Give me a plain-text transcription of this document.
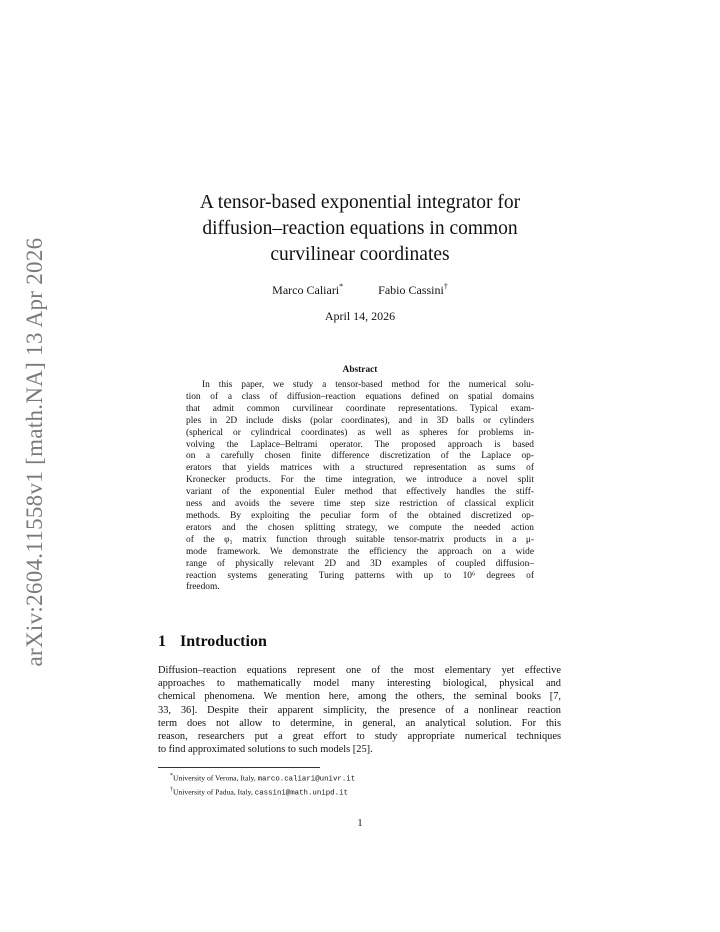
arXiv:2604.11558v1 [math.NA] 13 Apr 2026
A tensor-based exponential integrator for
diffusion–reaction equations in common
curvilinear coordinates
Marco Caliari*	Fabio Cassini†
April 14, 2026
Abstract
In this paper, we study a tensor-based method for the numerical solu-
tion of a class of diffusion–reaction equations defined on spatial domains
that admit common curvilinear coordinate representations. Typical exam-
ples in 2D include disks (polar coordinates), and in 3D balls or cylinders
(spherical or cylindrical coordinates) as well as spheres for problems in-
volving the Laplace–Beltrami operator. The proposed approach is based
on a carefully chosen finite difference discretization of the Laplace op-
erators that yields matrices with a structured representation as sums of
Kronecker products. For the time integration, we introduce a novel split
variant of the exponential Euler method that effectively handles the stiff-
ness and avoids the severe time step size restriction of classical explicit
methods. By exploiting the peculiar form of the obtained discretized op-
erators and the chosen splitting strategy, we compute the needed action
of the φ₁ matrix function through suitable tensor-matrix products in a μ-
mode framework. We demonstrate the efficiency the approach on a wide
range of physically relevant 2D and 3D examples of coupled diffusion–
reaction systems generating Turing patterns with up to 10⁶ degrees of
freedom.
1 Introduction
Diffusion–reaction equations represent one of the most elementary yet effective
approaches to mathematically model many interesting biological, physical and
chemical phenomena. We mention here, among the others, the seminal books [7,
33, 36]. Despite their apparent simplicity, the presence of a nonlinear reaction
term does not allow to determine, in general, an analytical solution. For this
reason, researchers put a great effort to study appropriate numerical techniques
to find approximated solutions to such models [25].
*University of Verona, Italy, marco.caliari@univr.it
†University of Padua, Italy, cassini@math.unipd.it
1
